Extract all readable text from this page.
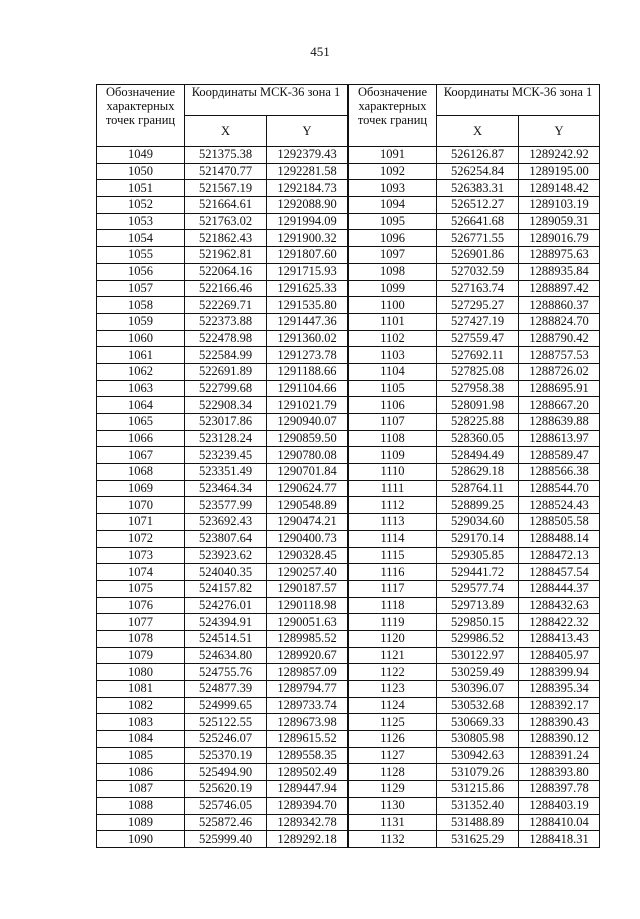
451
Обозначение характерных точек границ	Координаты МСК-36 зона 1	
	X	Y
1049	521375.38	1292379.43
1050	521470.77	1292281.58
1051	521567.19	1292184.73
1052	521664.61	1292088.90
1053	521763.02	1291994.09
1054	521862.43	1291900.32
1055	521962.81	1291807.60
1056	522064.16	1291715.93
1057	522166.46	1291625.33
1058	522269.71	1291535.80
1059	522373.88	1291447.36
1060	522478.98	1291360.02
1061	522584.99	1291273.78
1062	522691.89	1291188.66
1063	522799.68	1291104.66
1064	522908.34	1291021.79
1065	523017.86	1290940.07
1066	523128.24	1290859.50
1067	523239.45	1290780.08
1068	523351.49	1290701.84
1069	523464.34	1290624.77
1070	523577.99	1290548.89
1071	523692.43	1290474.21
1072	523807.64	1290400.73
1073	523923.62	1290328.45
1074	524040.35	1290257.40
1075	524157.82	1290187.57
1076	524276.01	1290118.98
1077	524394.91	1290051.63
1078	524514.51	1289985.52
1079	524634.80	1289920.67
1080	524755.76	1289857.09
1081	524877.39	1289794.77
1082	524999.65	1289733.74
1083	525122.55	1289673.98
1084	525246.07	1289615.52
1085	525370.19	1289558.35
1086	525494.90	1289502.49
1087	525620.19	1289447.94
1088	525746.05	1289394.70
1089	525872.46	1289342.78
1090	525999.40	1289292.18
Обозначение характерных точек границ	Координаты МСК-36 зона 1	
	X	Y
1091	526126.87	1289242.92
1092	526254.84	1289195.00
1093	526383.31	1289148.42
1094	526512.27	1289103.19
1095	526641.68	1289059.31
1096	526771.55	1289016.79
1097	526901.86	1288975.63
1098	527032.59	1288935.84
1099	527163.74	1288897.42
1100	527295.27	1288860.37
1101	527427.19	1288824.70
1102	527559.47	1288790.42
1103	527692.11	1288757.53
1104	527825.08	1288726.02
1105	527958.38	1288695.91
1106	528091.98	1288667.20
1107	528225.88	1288639.88
1108	528360.05	1288613.97
1109	528494.49	1288589.47
1110	528629.18	1288566.38
1111	528764.11	1288544.70
1112	528899.25	1288524.43
1113	529034.60	1288505.58
1114	529170.14	1288488.14
1115	529305.85	1288472.13
1116	529441.72	1288457.54
1117	529577.74	1288444.37
1118	529713.89	1288432.63
1119	529850.15	1288422.32
1120	529986.52	1288413.43
1121	530122.97	1288405.97
1122	530259.49	1288399.94
1123	530396.07	1288395.34
1124	530532.68	1288392.17
1125	530669.33	1288390.43
1126	530805.98	1288390.12
1127	530942.63	1288391.24
1128	531079.26	1288393.80
1129	531215.86	1288397.78
1130	531352.40	1288403.19
1131	531488.89	1288410.04
1132	531625.29	1288418.31
